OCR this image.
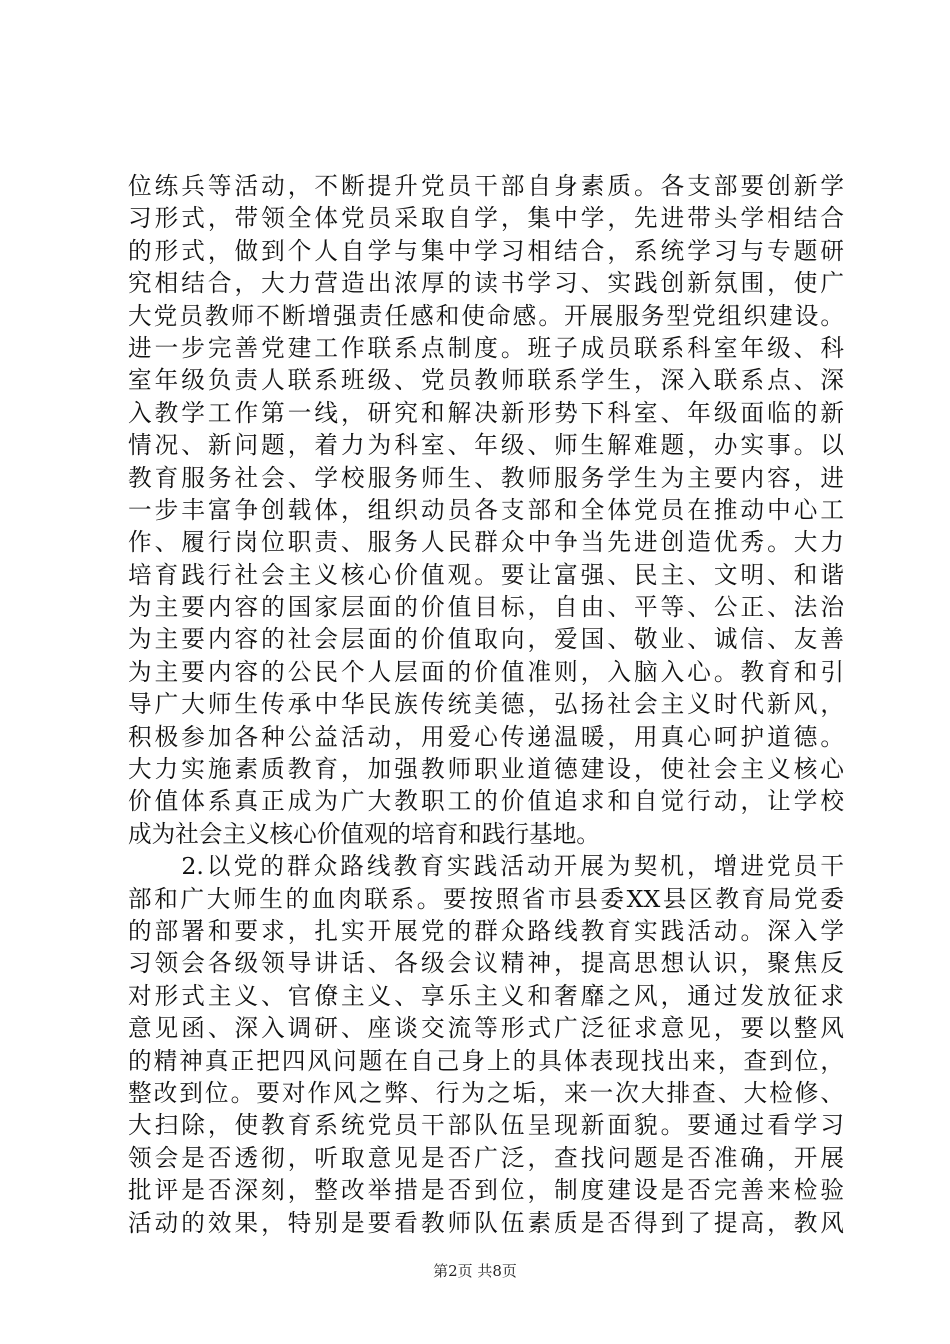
位练兵等活动，不断提升党员干部自身素质。各支部要创新学
习形式，带领全体党员采取自学，集中学，先进带头学相结合
的形式，做到个人自学与集中学习相结合，系统学习与专题研
究相结合，大力营造出浓厚的读书学习、实践创新氛围，使广
大党员教师不断增强责任感和使命感。开展服务型党组织建设。
进一步完善党建工作联系点制度。班子成员联系科室年级、科
室年级负责人联系班级、党员教师联系学生，深入联系点、深
入教学工作第一线，研究和解决新形势下科室、年级面临的新
情况、新问题，着力为科室、年级、师生解难题，办实事。以
教育服务社会、学校服务师生、教师服务学生为主要内容，进
一步丰富争创载体，组织动员各支部和全体党员在推动中心工
作、履行岗位职责、服务人民群众中争当先进创造优秀。大力
培育践行社会主义核心价值观。要让富强、民主、文明、和谐
为主要内容的国家层面的价值目标，自由、平等、公正、法治
为主要内容的社会层面的价值取向，爱国、敬业、诚信、友善
为主要内容的公民个人层面的价值准则，入脑入心。教育和引
导广大师生传承中华民族传统美德，弘扬社会主义时代新风，
积极参加各种公益活动，用爱心传递温暖，用真心呵护道德。
大力实施素质教育，加强教师职业道德建设，使社会主义核心
价值体系真正成为广大教职工的价值追求和自觉行动，让学校
成为社会主义核心价值观的培育和践行基地。
　　2.以党的群众路线教育实践活动开展为契机，增进党员干
部和广大师生的血肉联系。要按照省市县委XX县区教育局党委
的部署和要求，扎实开展党的群众路线教育实践活动。深入学
习领会各级领导讲话、各级会议精神，提高思想认识，聚焦反
对形式主义、官僚主义、享乐主义和奢靡之风，通过发放征求
意见函、深入调研、座谈交流等形式广泛征求意见，要以整风
的精神真正把四风问题在自己身上的具体表现找出来，查到位，
整改到位。要对作风之弊、行为之垢，来一次大排查、大检修、
大扫除，使教育系统党员干部队伍呈现新面貌。要通过看学习
领会是否透彻，听取意见是否广泛，查找问题是否准确，开展
批评是否深刻，整改举措是否到位，制度建设是否完善来检验
活动的效果，特别是要看教师队伍素质是否得到了提高，教风
第2页 共8页
